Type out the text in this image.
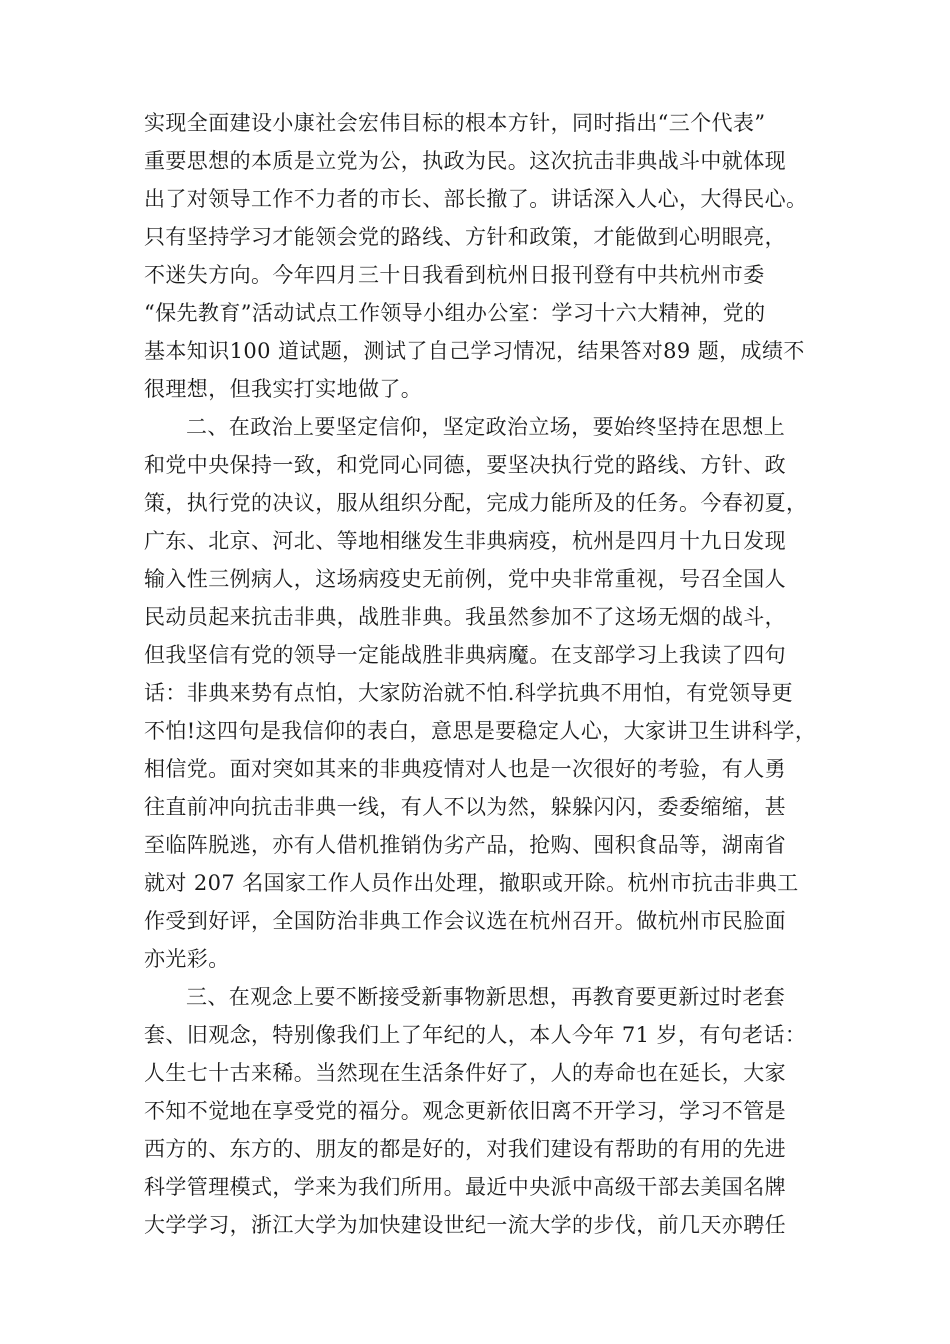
实现全面建设小康社会宏伟目标的根本方针，同时指出“三个代表”
重要思想的本质是立党为公，执政为民。这次抗击非典战斗中就体现
出了对领导工作不力者的市长、部长撤了。讲话深入人心，大得民心。
只有坚持学习才能领会党的路线、方针和政策，才能做到心明眼亮，
不迷失方向。今年四月三十日我看到杭州日报刊登有中共杭州市委
“保先教育”活动试点工作领导小组办公室：学习十六大精神，党的
基本知识100 道试题，测试了自己学习情况，结果答对89 题，成绩不
很理想，但我实打实地做了。
二、在政治上要坚定信仰，坚定政治立场，要始终坚持在思想上
和党中央保持一致，和党同心同德，要坚决执行党的路线、方针、政
策，执行党的决议，服从组织分配，完成力能所及的任务。今春初夏，
广东、北京、河北、等地相继发生非典病疫，杭州是四月十九日发现
输入性三例病人，这场病疫史无前例，党中央非常重视，号召全国人
民动员起来抗击非典，战胜非典。我虽然参加不了这场无烟的战斗，
但我坚信有党的领导一定能战胜非典病魔。在支部学习上我读了四句
话：非典来势有点怕，大家防治就不怕.科学抗典不用怕，有党领导更
不怕!这四句是我信仰的表白，意思是要稳定人心，大家讲卫生讲科学，
相信党。面对突如其来的非典疫情对人也是一次很好的考验，有人勇
往直前冲向抗击非典一线，有人不以为然，躲躲闪闪，委委缩缩，甚
至临阵脱逃，亦有人借机推销伪劣产品，抢购、囤积食品等，湖南省
就对 207 名国家工作人员作出处理，撤职或开除。杭州市抗击非典工
作受到好评，全国防治非典工作会议选在杭州召开。做杭州市民脸面
亦光彩。
三、在观念上要不断接受新事物新思想，再教育要更新过时老套
套、旧观念，特别像我们上了年纪的人，本人今年 71 岁，有句老话：
人生七十古来稀。当然现在生活条件好了，人的寿命也在延长，大家
不知不觉地在享受党的福分。观念更新依旧离不开学习，学习不管是
西方的、东方的、朋友的都是好的，对我们建设有帮助的有用的先进
科学管理模式，学来为我们所用。最近中央派中高级干部去美国名牌
大学学习，浙江大学为加快建设世纪一流大学的步伐，前几天亦聘任
